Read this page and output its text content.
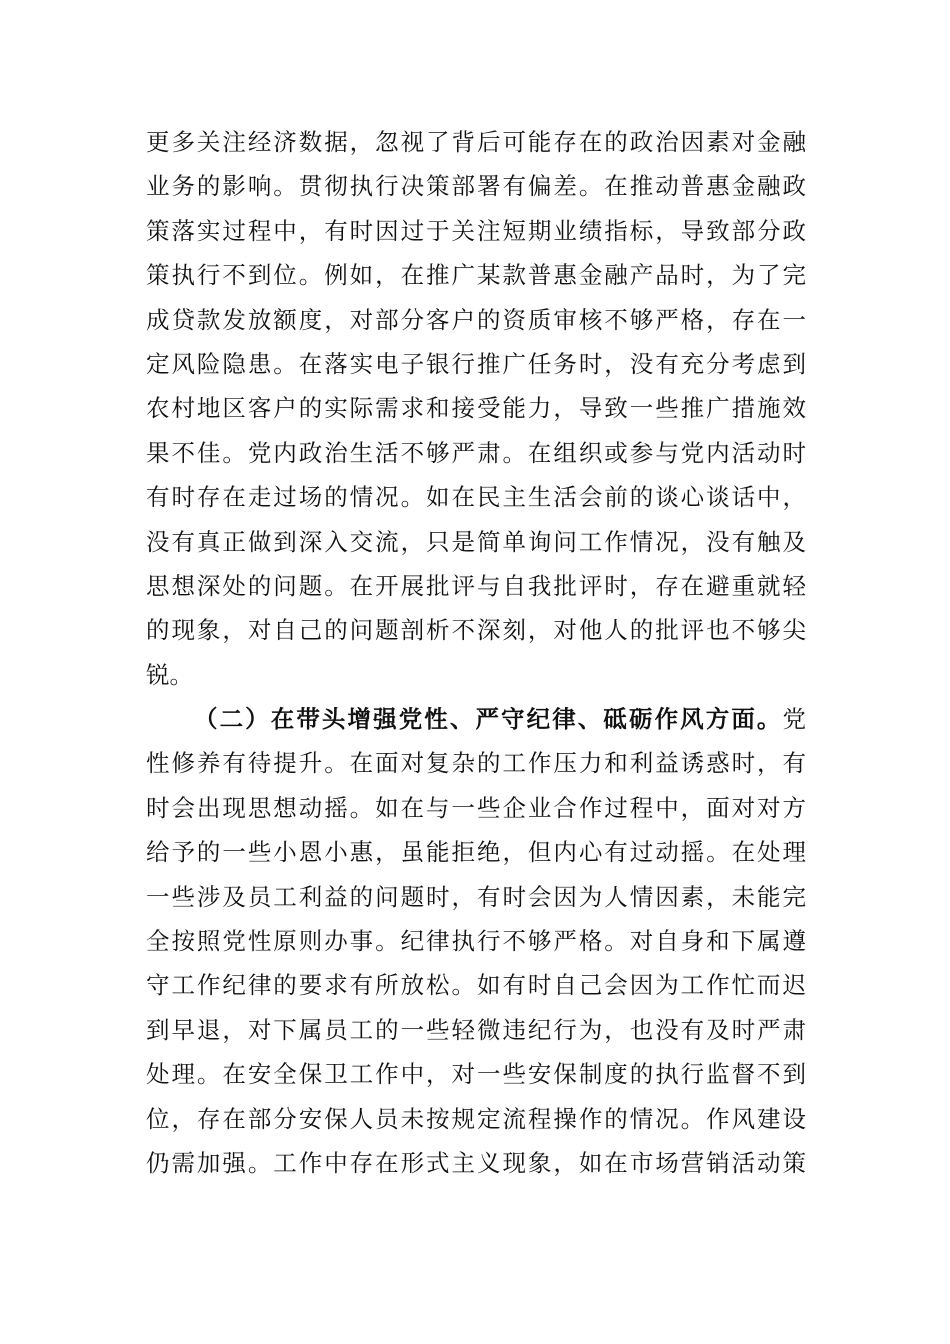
更多关注经济数据，忽视了背后可能存在的政治因素对金融
业务的影响。贯彻执行决策部署有偏差。在推动普惠金融政
策落实过程中，有时因过于关注短期业绩指标，导致部分政
策执行不到位。例如，在推广某款普惠金融产品时，为了完
成贷款发放额度，对部分客户的资质审核不够严格，存在一
定风险隐患。在落实电子银行推广任务时，没有充分考虑到
农村地区客户的实际需求和接受能力，导致一些推广措施效
果不佳。党内政治生活不够严肃。在组织或参与党内活动时
有时存在走过场的情况。如在民主生活会前的谈心谈话中，
没有真正做到深入交流，只是简单询问工作情况，没有触及
思想深处的问题。在开展批评与自我批评时，存在避重就轻
的现象，对自己的问题剖析不深刻，对他人的批评也不够尖
锐。
（二）在带头增强党性、严守纪律、砥砺作风方面。党
性修养有待提升。在面对复杂的工作压力和利益诱惑时，有
时会出现思想动摇。如在与一些企业合作过程中，面对对方
给予的一些小恩小惠，虽能拒绝，但内心有过动摇。在处理
一些涉及员工利益的问题时，有时会因为人情因素，未能完
全按照党性原则办事。纪律执行不够严格。对自身和下属遵
守工作纪律的要求有所放松。如有时自己会因为工作忙而迟
到早退，对下属员工的一些轻微违纪行为，也没有及时严肃
处理。在安全保卫工作中，对一些安保制度的执行监督不到
位，存在部分安保人员未按规定流程操作的情况。作风建设
仍需加强。工作中存在形式主义现象，如在市场营销活动策
